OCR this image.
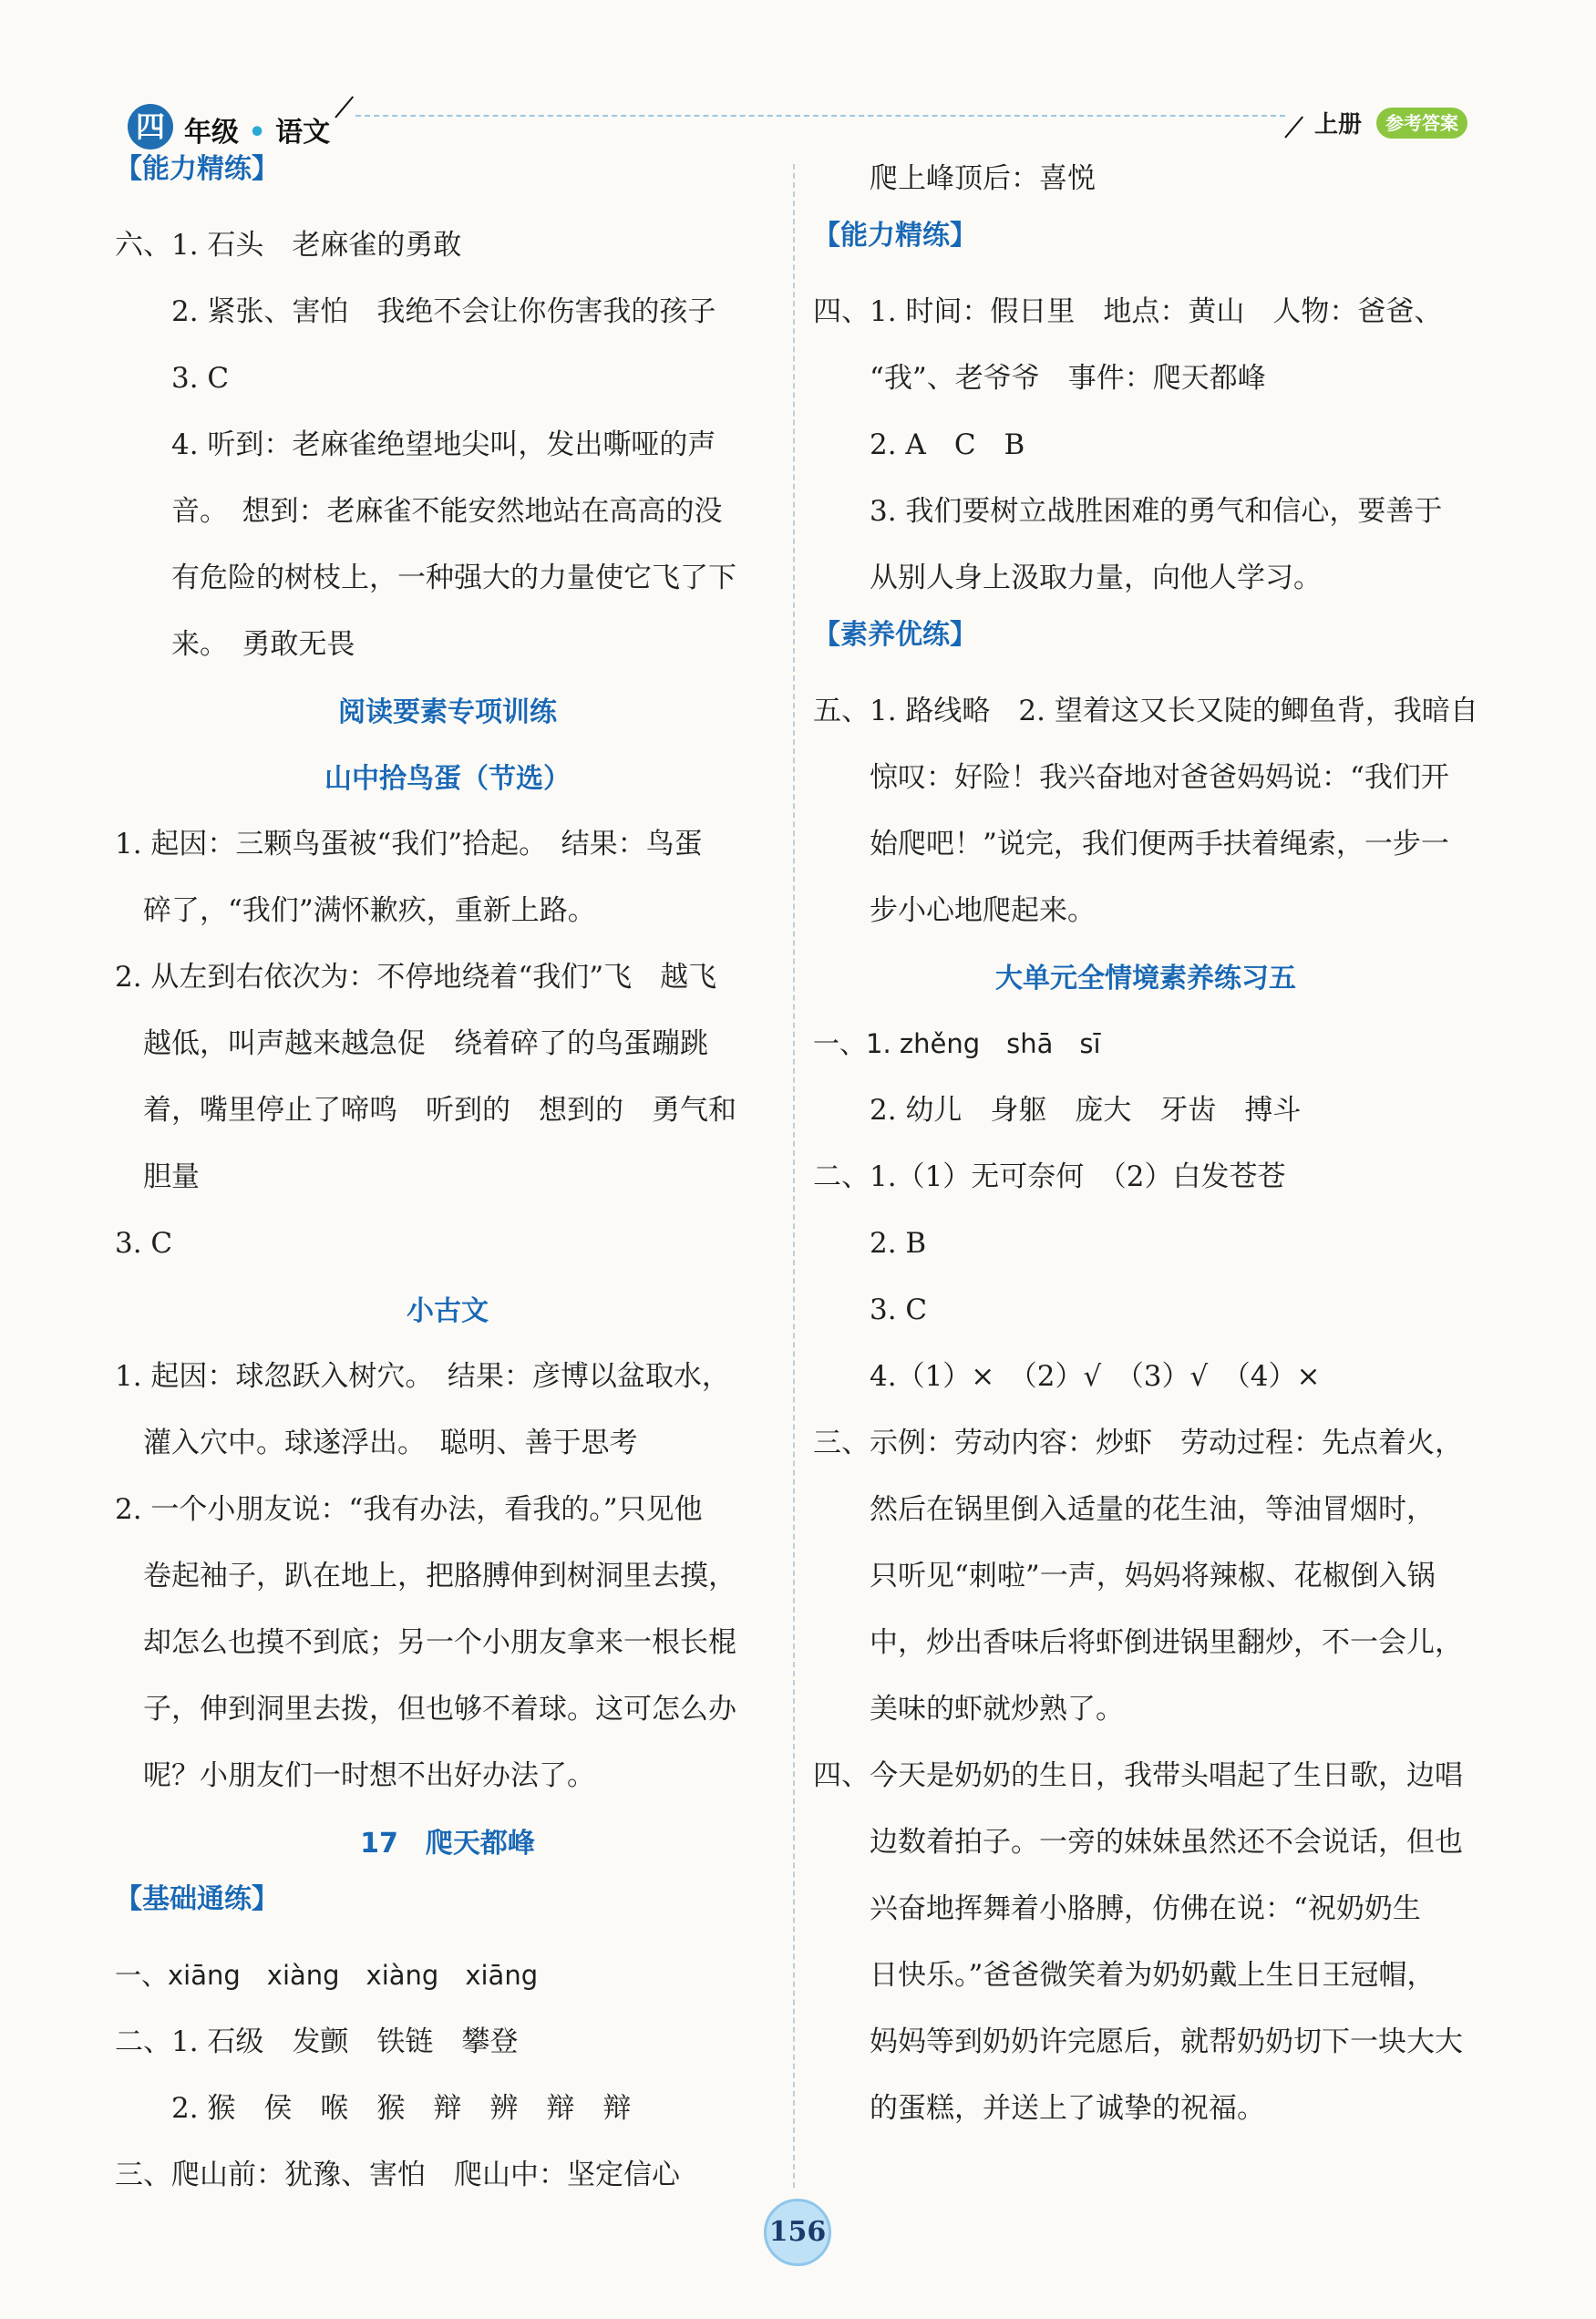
四 年级 • 语文	上册	参考答案
【能力精练】
六、1. 石头　老麻雀的勇敢
2. 紧张、害怕　我绝不会让你伤害我的孩子
3. C
4. 听到：老麻雀绝望地尖叫，发出嘶哑的声
音。　想到：老麻雀不能安然地站在高高的没
有危险的树枝上，一种强大的力量使它飞了下
来。　勇敢无畏
阅读要素专项训练
山中拾鸟蛋（节选）
1. 起因：三颗鸟蛋被“我们”拾起。　结果：鸟蛋
　碎了，“我们”满怀歉疚，重新上路。
2. 从左到右依次为：不停地绕着“我们”飞　越飞
　越低，叫声越来越急促　绕着碎了的鸟蛋蹦跳
　着，嘴里停止了啼鸣　听到的　想到的　勇气和
　胆量
3. C
小古文
1. 起因：球忽跃入树穴。　结果：彦博以盆取水，
　灌入穴中。球遂浮出。　聪明、善于思考
2. 一个小朋友说：“我有办法，看我的。”只见他
　卷起袖子，趴在地上，把胳膊伸到树洞里去摸，
　却怎么也摸不到底；另一个小朋友拿来一根长棍
　子，伸到洞里去拨，但也够不着球。这可怎么办
　呢？小朋友们一时想不出好办法了。
17　爬天都峰
【基础通练】
一、xiāng　xiàng　xiàng　xiāng
二、1. 石级　发颤　铁链　攀登
2. 猴　侯　喉　猴　辩　辨　辩　辩
三、爬山前：犹豫、害怕　爬山中：坚定信心
爬上峰顶后：喜悦
【能力精练】
四、1. 时间：假日里　地点：黄山　人物：爸爸、
“我”、老爷爷　事件：爬天都峰
2. A　C　B
3. 我们要树立战胜困难的勇气和信心，要善于
从别人身上汲取力量，向他人学习。
【素养优练】
五、1. 路线略　2. 望着这又长又陡的鲫鱼背，我暗自
惊叹：好险！我兴奋地对爸爸妈妈说：“我们开
始爬吧！”说完，我们便两手扶着绳索，一步一
步小心地爬起来。
大单元全情境素养练习五
一、1. zhěng　shā　sī
2. 幼儿　身躯　庞大　牙齿　搏斗
二、1.（1）无可奈何　（2）白发苍苍
2. B
3. C
4.（1）×　（2）√　（3）√　（4）×
三、示例：劳动内容：炒虾　劳动过程：先点着火，
然后在锅里倒入适量的花生油，等油冒烟时，
只听见“刺啦”一声，妈妈将辣椒、花椒倒入锅
中，炒出香味后将虾倒进锅里翻炒，不一会儿，
美味的虾就炒熟了。
四、今天是奶奶的生日，我带头唱起了生日歌，边唱
边数着拍子。一旁的妹妹虽然还不会说话，但也
兴奋地挥舞着小胳膊，仿佛在说：“祝奶奶生
日快乐。”爸爸微笑着为奶奶戴上生日王冠帽，
妈妈等到奶奶许完愿后，就帮奶奶切下一块大大
的蛋糕，并送上了诚挚的祝福。
156
